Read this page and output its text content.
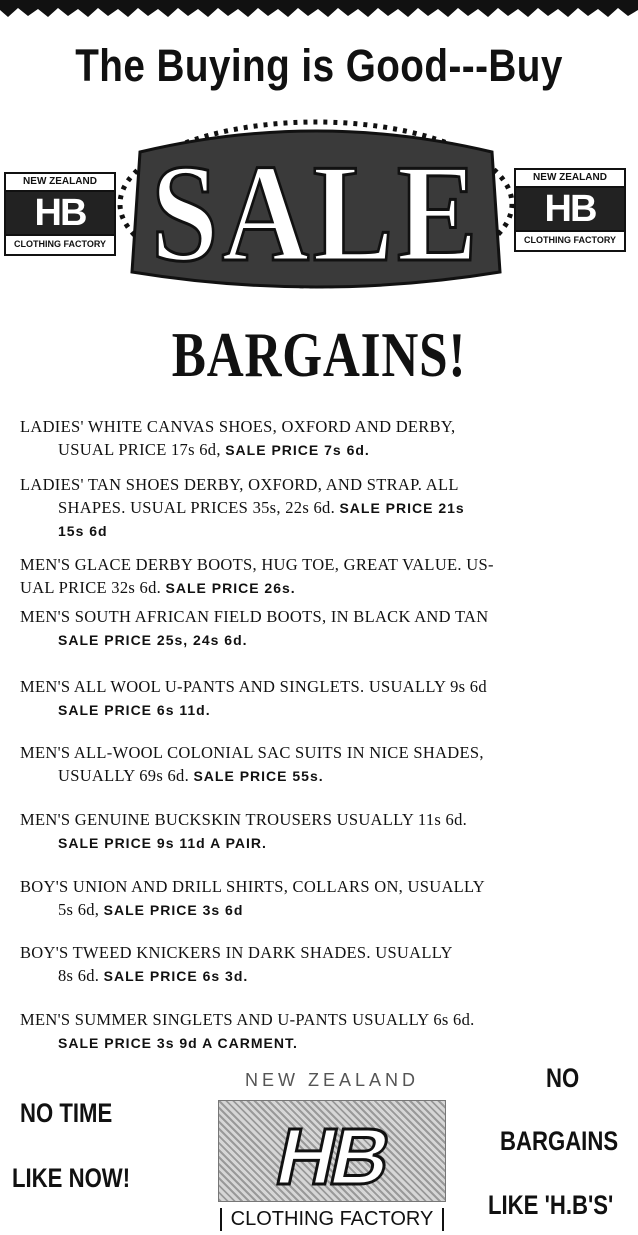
The Buying is Good---Buy
SALE
NEW ZEALAND
HB
CLOTHING FACTORY
NEW ZEALAND
HB
CLOTHING FACTORY
BARGAINS!
LADIES' WHITE CANVAS SHOES, OXFORD AND DERBY,
USUAL PRICE 17s 6d, SALE PRICE 7s 6d.
LADIES' TAN SHOES DERBY, OXFORD, AND STRAP. ALL
SHAPES. USUAL PRICES 35s, 22s 6d. SALE PRICE 21s
15s 6d
MEN'S GLACE DERBY BOOTS, HUG TOE, GREAT VALUE. US-
UAL PRICE 32s 6d. SALE PRICE 26s.
MEN'S SOUTH AFRICAN FIELD BOOTS, IN BLACK AND TAN
SALE PRICE 25s, 24s 6d.
MEN'S ALL WOOL U-PANTS AND SINGLETS. USUALLY 9s 6d
SALE PRICE 6s 11d.
MEN'S ALL-WOOL COLONIAL SAC SUITS IN NICE SHADES,
USUALLY 69s 6d. SALE PRICE 55s.
MEN'S GENUINE BUCKSKIN TROUSERS USUALLY 11s 6d.
SALE PRICE 9s 11d A PAIR.
BOY'S UNION AND DRILL SHIRTS, COLLARS ON, USUALLY
5s 6d, SALE PRICE 3s 6d
BOY'S TWEED KNICKERS IN DARK SHADES. USUALLY
8s 6d. SALE PRICE 6s 3d.
MEN'S SUMMER SINGLETS AND U-PANTS USUALLY 6s 6d.
SALE PRICE 3s 9d A CARMENT.
NO TIME
LIKE NOW!
NEW ZEALAND
HB
CLOTHING FACTORY
NO
BARGAINS
LIKE 'H.B'S'
